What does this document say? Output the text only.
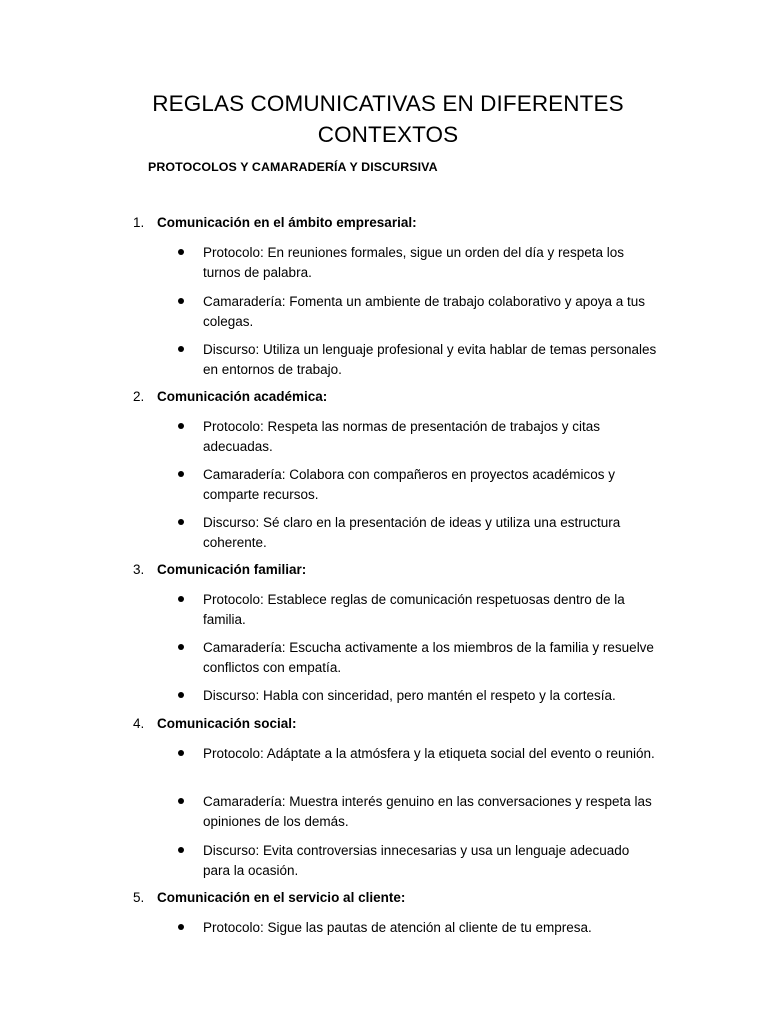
REGLAS COMUNICATIVAS EN DIFERENTES CONTEXTOS
PROTOCOLOS Y CAMARADERÍA Y DISCURSIVA
1. Comunicación en el ámbito empresarial:
Protocolo: En reuniones formales, sigue un orden del día y respeta los turnos de palabra.
Camaradería: Fomenta un ambiente de trabajo colaborativo y apoya a tus colegas.
Discurso: Utiliza un lenguaje profesional y evita hablar de temas personales en entornos de trabajo.
2. Comunicación académica:
Protocolo: Respeta las normas de presentación de trabajos y citas adecuadas.
Camaradería: Colabora con compañeros en proyectos académicos y comparte recursos.
Discurso: Sé claro en la presentación de ideas y utiliza una estructura coherente.
3. Comunicación familiar:
Protocolo: Establece reglas de comunicación respetuosas dentro de la familia.
Camaradería: Escucha activamente a los miembros de la familia y resuelve conflictos con empatía.
Discurso: Habla con sinceridad, pero mantén el respeto y la cortesía.
4. Comunicación social:
Protocolo: Adáptate a la atmósfera y la etiqueta social del evento o reunión.
Camaradería: Muestra interés genuino en las conversaciones y respeta las opiniones de los demás.
Discurso: Evita controversias innecesarias y usa un lenguaje adecuado para la ocasión.
5. Comunicación en el servicio al cliente:
Protocolo: Sigue las pautas de atención al cliente de tu empresa.
